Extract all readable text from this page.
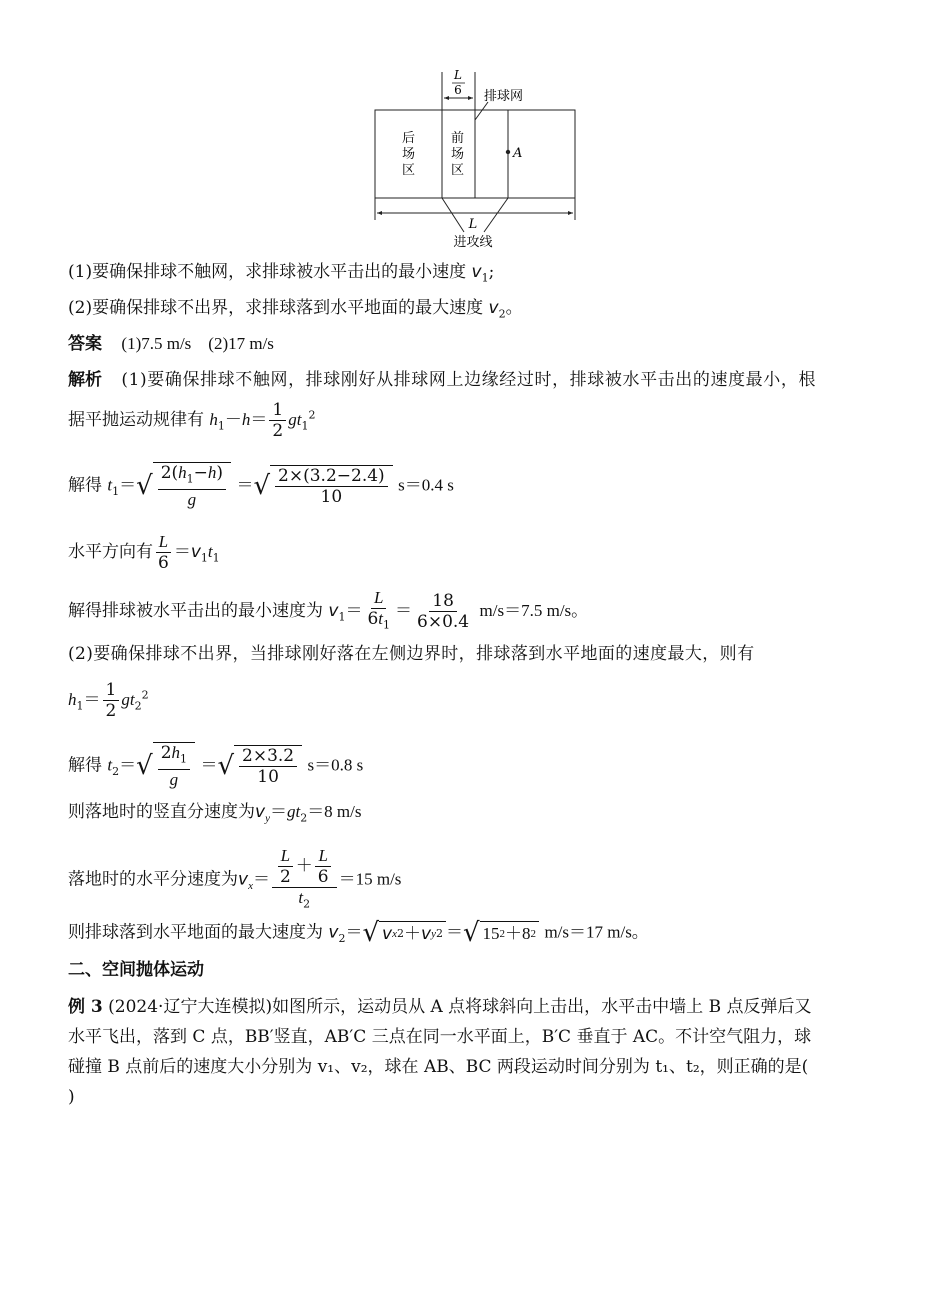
L
6 排球网
后
场
区
前
场
区
A
L
进攻线
(1)要确保排球不触网，求排球被水平击出的最小速度 $v_1$;
(2)要确保排球不出界，求排球落到水平地面的最大速度 $v_2$。
答案 (1)7.5 m/s    (2)17 m/s
解析 (1)要确保排球不触网，排球刚好从排球网上边缘经过时，排球被水平击出的速度最小，根
据平抛运动规律有 $h_1-h= \frac{1}{2} gt_1^2$
解得 $t_1=$ √ $\frac{2(h_1-h)}{g}$ ＝ √ $\frac{2\times(3.2-2.4)}{10} s=0.4$ s
水平方向有 $\frac{L}{6} =v_1t_1$
解得排球被水平击出的最小速度为 $v_1= \frac{L}{6t_1} = \frac{18}{6\times 0.4} m/s=7.5$ m/s。
(2)要确保排球不出界，当排球刚好落在左侧边界时，排球落到水平地面的速度最大，则有
$h_1= \frac{1}{2} gt_2^2$
解得 $t_2=$ √ $\frac{2h_1}{g}$ ＝ √ $\frac{2\times 3.2}{10} s=0.8$ s
则落地时的竖直分速度为$v_y=gt_2=8$ m/s
落地时的水平分速度为$v_x= \frac{\frac{L}{2} + \frac{L}{6}}{t_2} =15$ m/s
则排球落到水平地面的最大速度为 $v_2=$ √ v x 2 ＋ v y 2 ＝ √ 15 2 ＋8 2 m/s＝17 m/s。
二、空间抛体运动
例 3 (2024·辽宁大连模拟)如图所示，运动员从 A 点将球斜向上击出，水平击中墙上 B 点反弹后又
水平飞出，落到 C 点，BB′竖直，AB′C 三点在同一水平面上，B′C 垂直于 AC。不计空气阻力，球
碰撞 B 点前后的速度大小分别为 v₁、v₂，球在 AB、BC 两段运动时间分别为 t₁、t₂，则正确的是(
)
